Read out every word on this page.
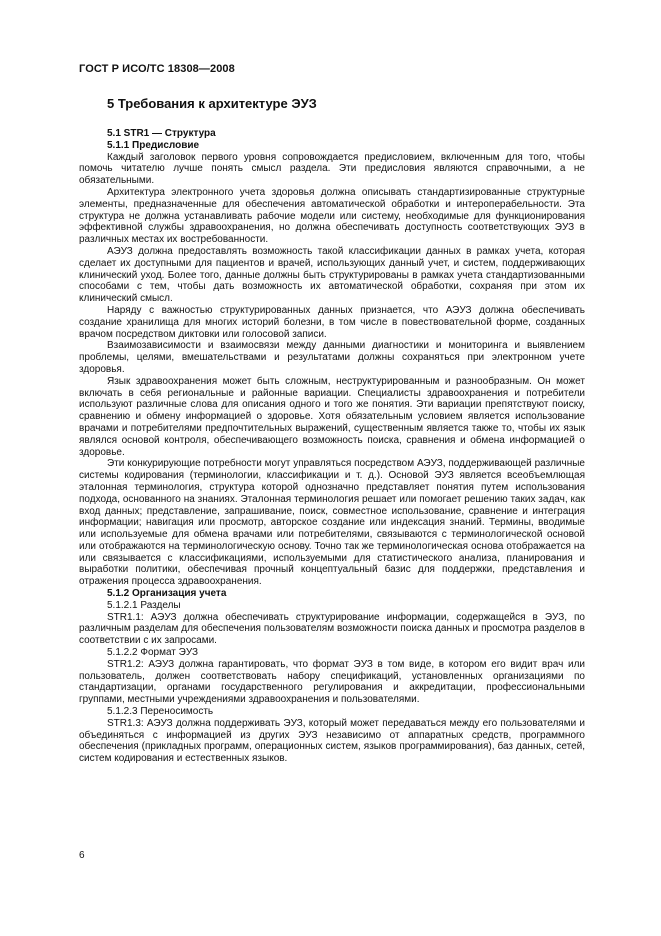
ГОСТ Р ИСО/ТС 18308—2008
5 Требования к архитектуре ЭУЗ

5.1 STR1 — Структура

5.1.1 Предисловие

Каждый заголовок первого уровня сопровождается предисловием, включенным для того, чтобы помочь читателю лучше понять смысл раздела. Эти предисловия являются справочными, а не обязательными.

Архитектура электронного учета здоровья должна описывать стандартизированные структурные элементы, предназначенные для обеспечения автоматической обработки и интероперабельности. Эта структура не должна устанавливать рабочие модели или систему, необходимые для функционирования эффективной службы здравоохранения, но должна обеспечивать доступность соответствующих ЭУЗ в различных местах их востребованности.

АЭУЗ должна предоставлять возможность такой классификации данных в рамках учета, которая сделает их доступными для пациентов и врачей, использующих данный учет, и систем, поддерживающих клинический уход. Более того, данные должны быть структурированы в рамках учета стандартизованными способами с тем, чтобы дать возможность их автоматической обработки, сохраняя при этом их клинический смысл.

Наряду с важностью структурированных данных признается, что АЭУЗ должна обеспечивать создание хранилища для многих историй болезни, в том числе в повествовательной форме, созданных врачом посредством диктовки или голосовой записи.

Взаимозависимости и взаимосвязи между данными диагностики и мониторинга и выявлением проблемы, целями, вмешательствами и результатами должны сохраняться при электронном учете здоровья.

Язык здравоохранения может быть сложным, неструктурированным и разнообразным. Он может включать в себя региональные и районные вариации. Специалисты здравоохранения и потребители используют различные слова для описания одного и того же понятия. Эти вариации препятствуют поиску, сравнению и обмену информацией о здоровье. Хотя обязательным условием является использование врачами и потребителями предпочтительных выражений, существенным является также то, чтобы их язык являлся основой контроля, обеспечивающего возможность поиска, сравнения и обмена информацией о здоровье.

Эти конкурирующие потребности могут управляться посредством АЭУЗ, поддерживающей различные системы кодирования (терминологии, классификации и т. д.). Основой ЭУЗ является всеобъемлющая эталонная терминология, структура которой однозначно представляет понятия путем использования подхода, основанного на знаниях. Эталонная терминология решает или помогает решению таких задач, как вход данных; представление, запрашивание, поиск, совместное использование, сравнение и интеграция информации; навигация или просмотр, авторское создание или индексация знаний. Термины, вводимые или используемые для обмена врачами или потребителями, связываются с терминологической основой или отображаются на терминологическую основу. Точно так же терминологическая основа отображается на или связывается с классификациями, используемыми для статистического анализа, планирования и выработки политики, обеспечивая прочный концептуальный базис для поддержки, представления и отражения процесса здравоохранения.

5.1.2 Организация учета

5.1.2.1 Разделы

STR1.1: АЭУЗ должна обеспечивать структурирование информации, содержащейся в ЭУЗ, по различным разделам для обеспечения пользователям возможности поиска данных и просмотра разделов в соответствии с их запросами.

5.1.2.2 Формат ЭУЗ

STR1.2: АЭУЗ должна гарантировать, что формат ЭУЗ в том виде, в котором его видит врач или пользователь, должен соответствовать набору спецификаций, установленных организациями по стандартизации, органами государственного регулирования и аккредитации, профессиональными группами, местными учреждениями здравоохранения и пользователями.

5.1.2.3 Переносимость

STR1.3: АЭУЗ должна поддерживать ЭУЗ, который может передаваться между его пользователями и объединяться с информацией из других ЭУЗ независимо от аппаратных средств, программного обеспечения (прикладных программ, операционных систем, языков программирования), баз данных, сетей, систем кодирования и естественных языков.

6
